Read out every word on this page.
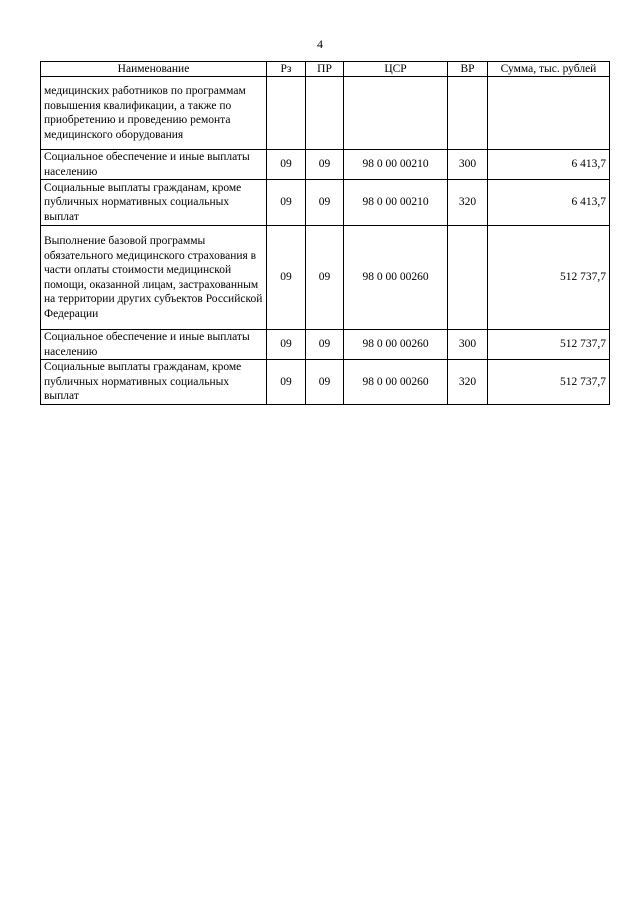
4
Наименование	Рз	ПР	ЦСР	ВР	Сумма, тыс. рублей
медицинских работников по программам повышения квалификации, а также по приобретению и проведению ремонта медицинского оборудования					
Социальное обеспечение и иные выплаты населению	09	09	98 0 00 00210	300	6 413,7
Социальные выплаты гражданам, кроме публичных нормативных социальных выплат	09	09	98 0 00 00210	320	6 413,7
Выполнение базовой программы обязательного медицинского страхования в части оплаты стоимости медицинской помощи, оказанной лицам, застрахованным на территории других субъектов Российской Федерации	09	09	98 0 00 00260		512 737,7
Социальное обеспечение и иные выплаты населению	09	09	98 0 00 00260	300	512 737,7
Социальные выплаты гражданам, кроме публичных нормативных социальных выплат	09	09	98 0 00 00260	320	512 737,7
